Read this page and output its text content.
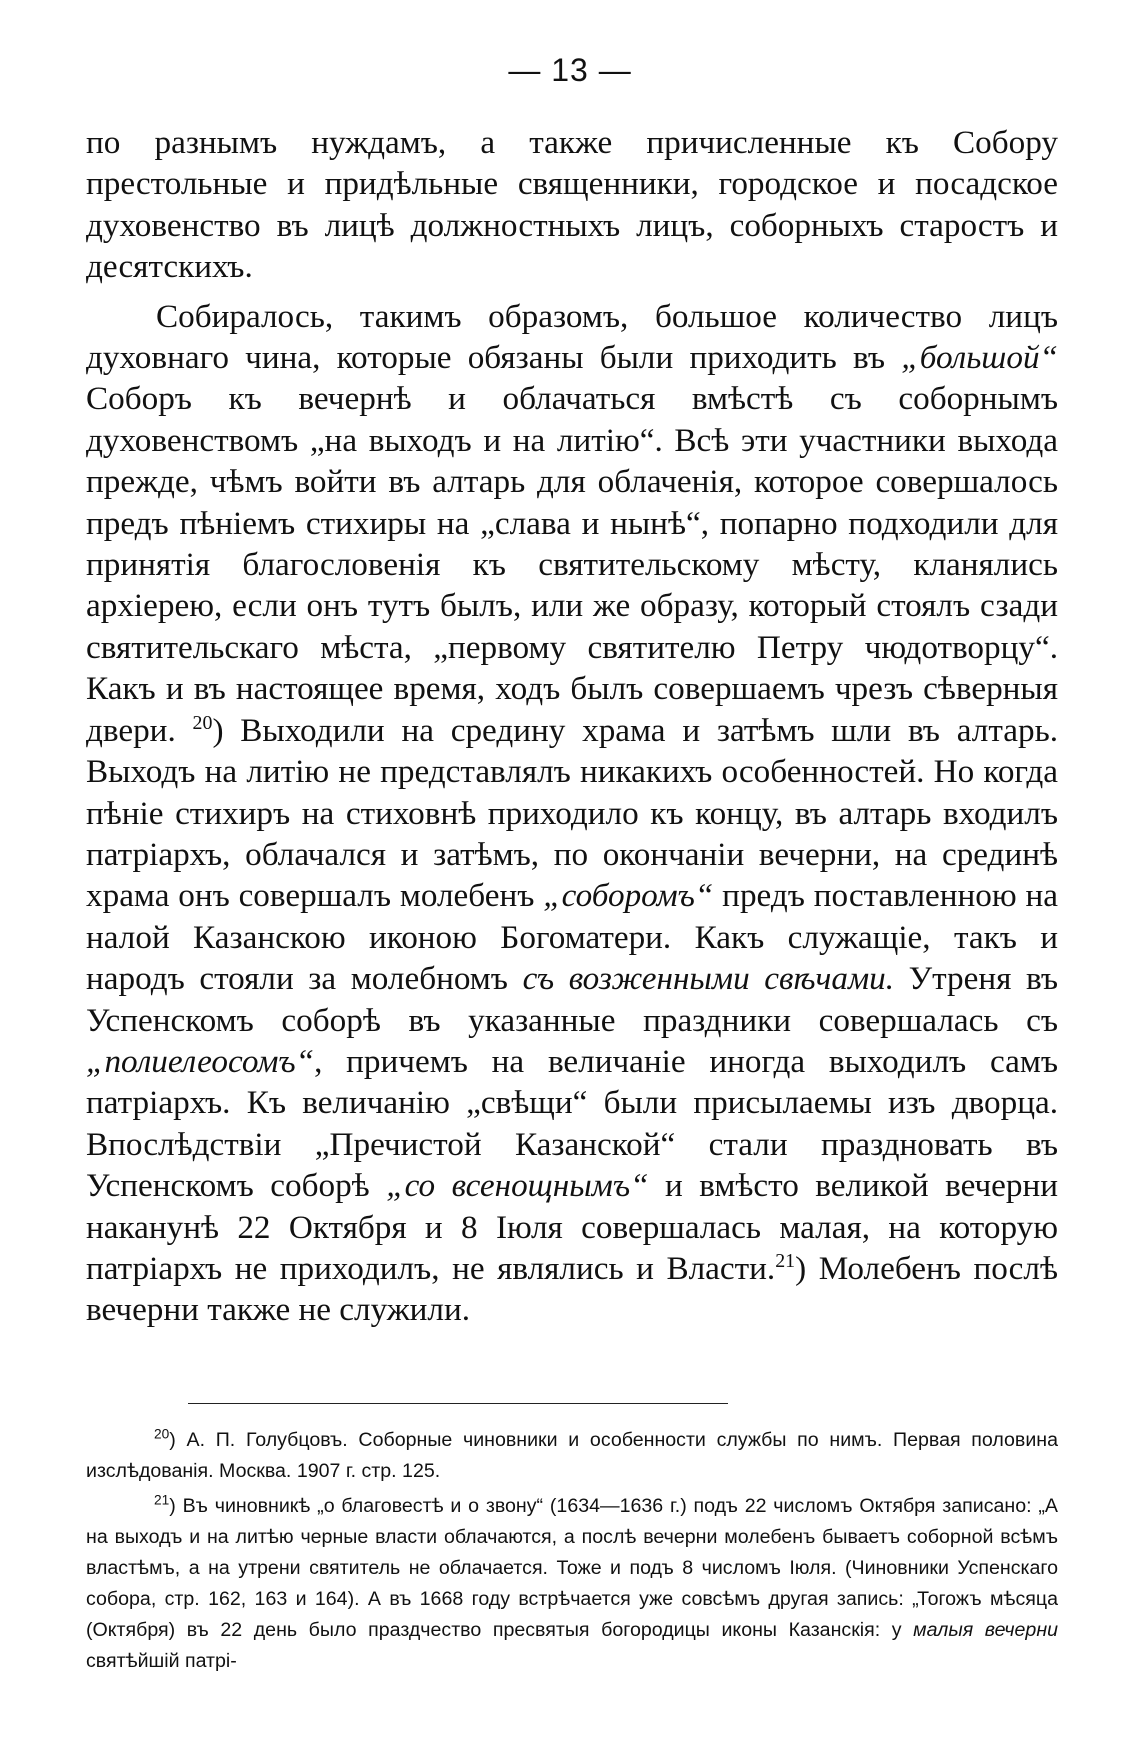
— 13 —

по разнымъ нуждамъ, а также причисленные къ Собору престольные и придѣльные священники, городское и посадское духовенство въ лицѣ должностныхъ лицъ, соборныхъ старостъ и десятскихъ.

Собиралось, такимъ образомъ, большое количество лицъ духовнаго чина, которые обязаны были приходить въ „большой“ Соборъ къ вечернѣ и облачаться вмѣстѣ съ соборнымъ духовенствомъ „на выходъ и на литію“. Всѣ эти участники выхода прежде, чѣмъ войти въ алтарь для облаченія, которое совершалось предъ пѣніемъ стихиры на „слава и нынѣ“, попарно подходили для принятія благословенія къ святительскому мѣсту, кланялись архіерею, если онъ тутъ былъ, или же образу, который стоялъ сзади святительскаго мѣста, „первому святителю Петру чюдотворцу“. Какъ и въ настоящее время, ходъ былъ совершаемъ чрезъ сѣверныя двери. $^{20}$) Выходили на средину храма и затѣмъ шли въ алтарь. Выходъ на литію не представлялъ никакихъ особенностей. Но когда пѣніе стихиръ на стиховнѣ приходило къ концу, въ алтарь входилъ патріархъ, облачался и затѣмъ, по окончаніи вечерни, на срединѣ храма онъ совершалъ молебенъ „соборомъ“ предъ поставленною на налой Казанскою иконою Богоматери. Какъ служащіе, такъ и народъ стояли за молебномъ съ возженными свѣчами. Утреня въ Успенскомъ соборѣ въ указанные праздники совершалась съ „полиелеосомъ“, причемъ на величаніе иногда выходилъ самъ патріархъ. Къ величанію „свѣщи“ были присылаемы изъ дворца. Впослѣдствіи „Пречистой Казанской“ стали праздновать въ Успенскомъ соборѣ „со всенощнымъ“ и вмѣсто великой вечерни наканунѣ 22 Октября и 8 Іюля совершалась малая, на которую патріархъ не приходилъ, не являлись и Власти.$^{21}$) Молебенъ послѣ вечерни также не служили.

$^{20}$) А. П. Голубцовъ. Соборные чиновники и особенности службы по нимъ. Первая половина изслѣдованія. Москва. 1907 г. стр. 125.

$^{21}$) Въ чиновникѣ „о благовестѣ и о звону“ (1634—1636 г.) подъ 22 числомъ Октября записано: „А на выходъ и на литѣю черные власти облачаются, а послѣ вечерни молебенъ бываетъ соборной всѣмъ властѣмъ, а на утрени святитель не облачается. Тоже и подъ 8 числомъ Іюля. (Чиновники Успенскаго собора, стр. 162, 163 и 164). А въ 1668 году встрѣчается уже совсѣмъ другая запись: „Тогожъ мѣсяца (Октября) въ 22 день было праздчество пресвятыя богородицы иконы Казанскія: у малыя вечерни святѣйшій патрі-
